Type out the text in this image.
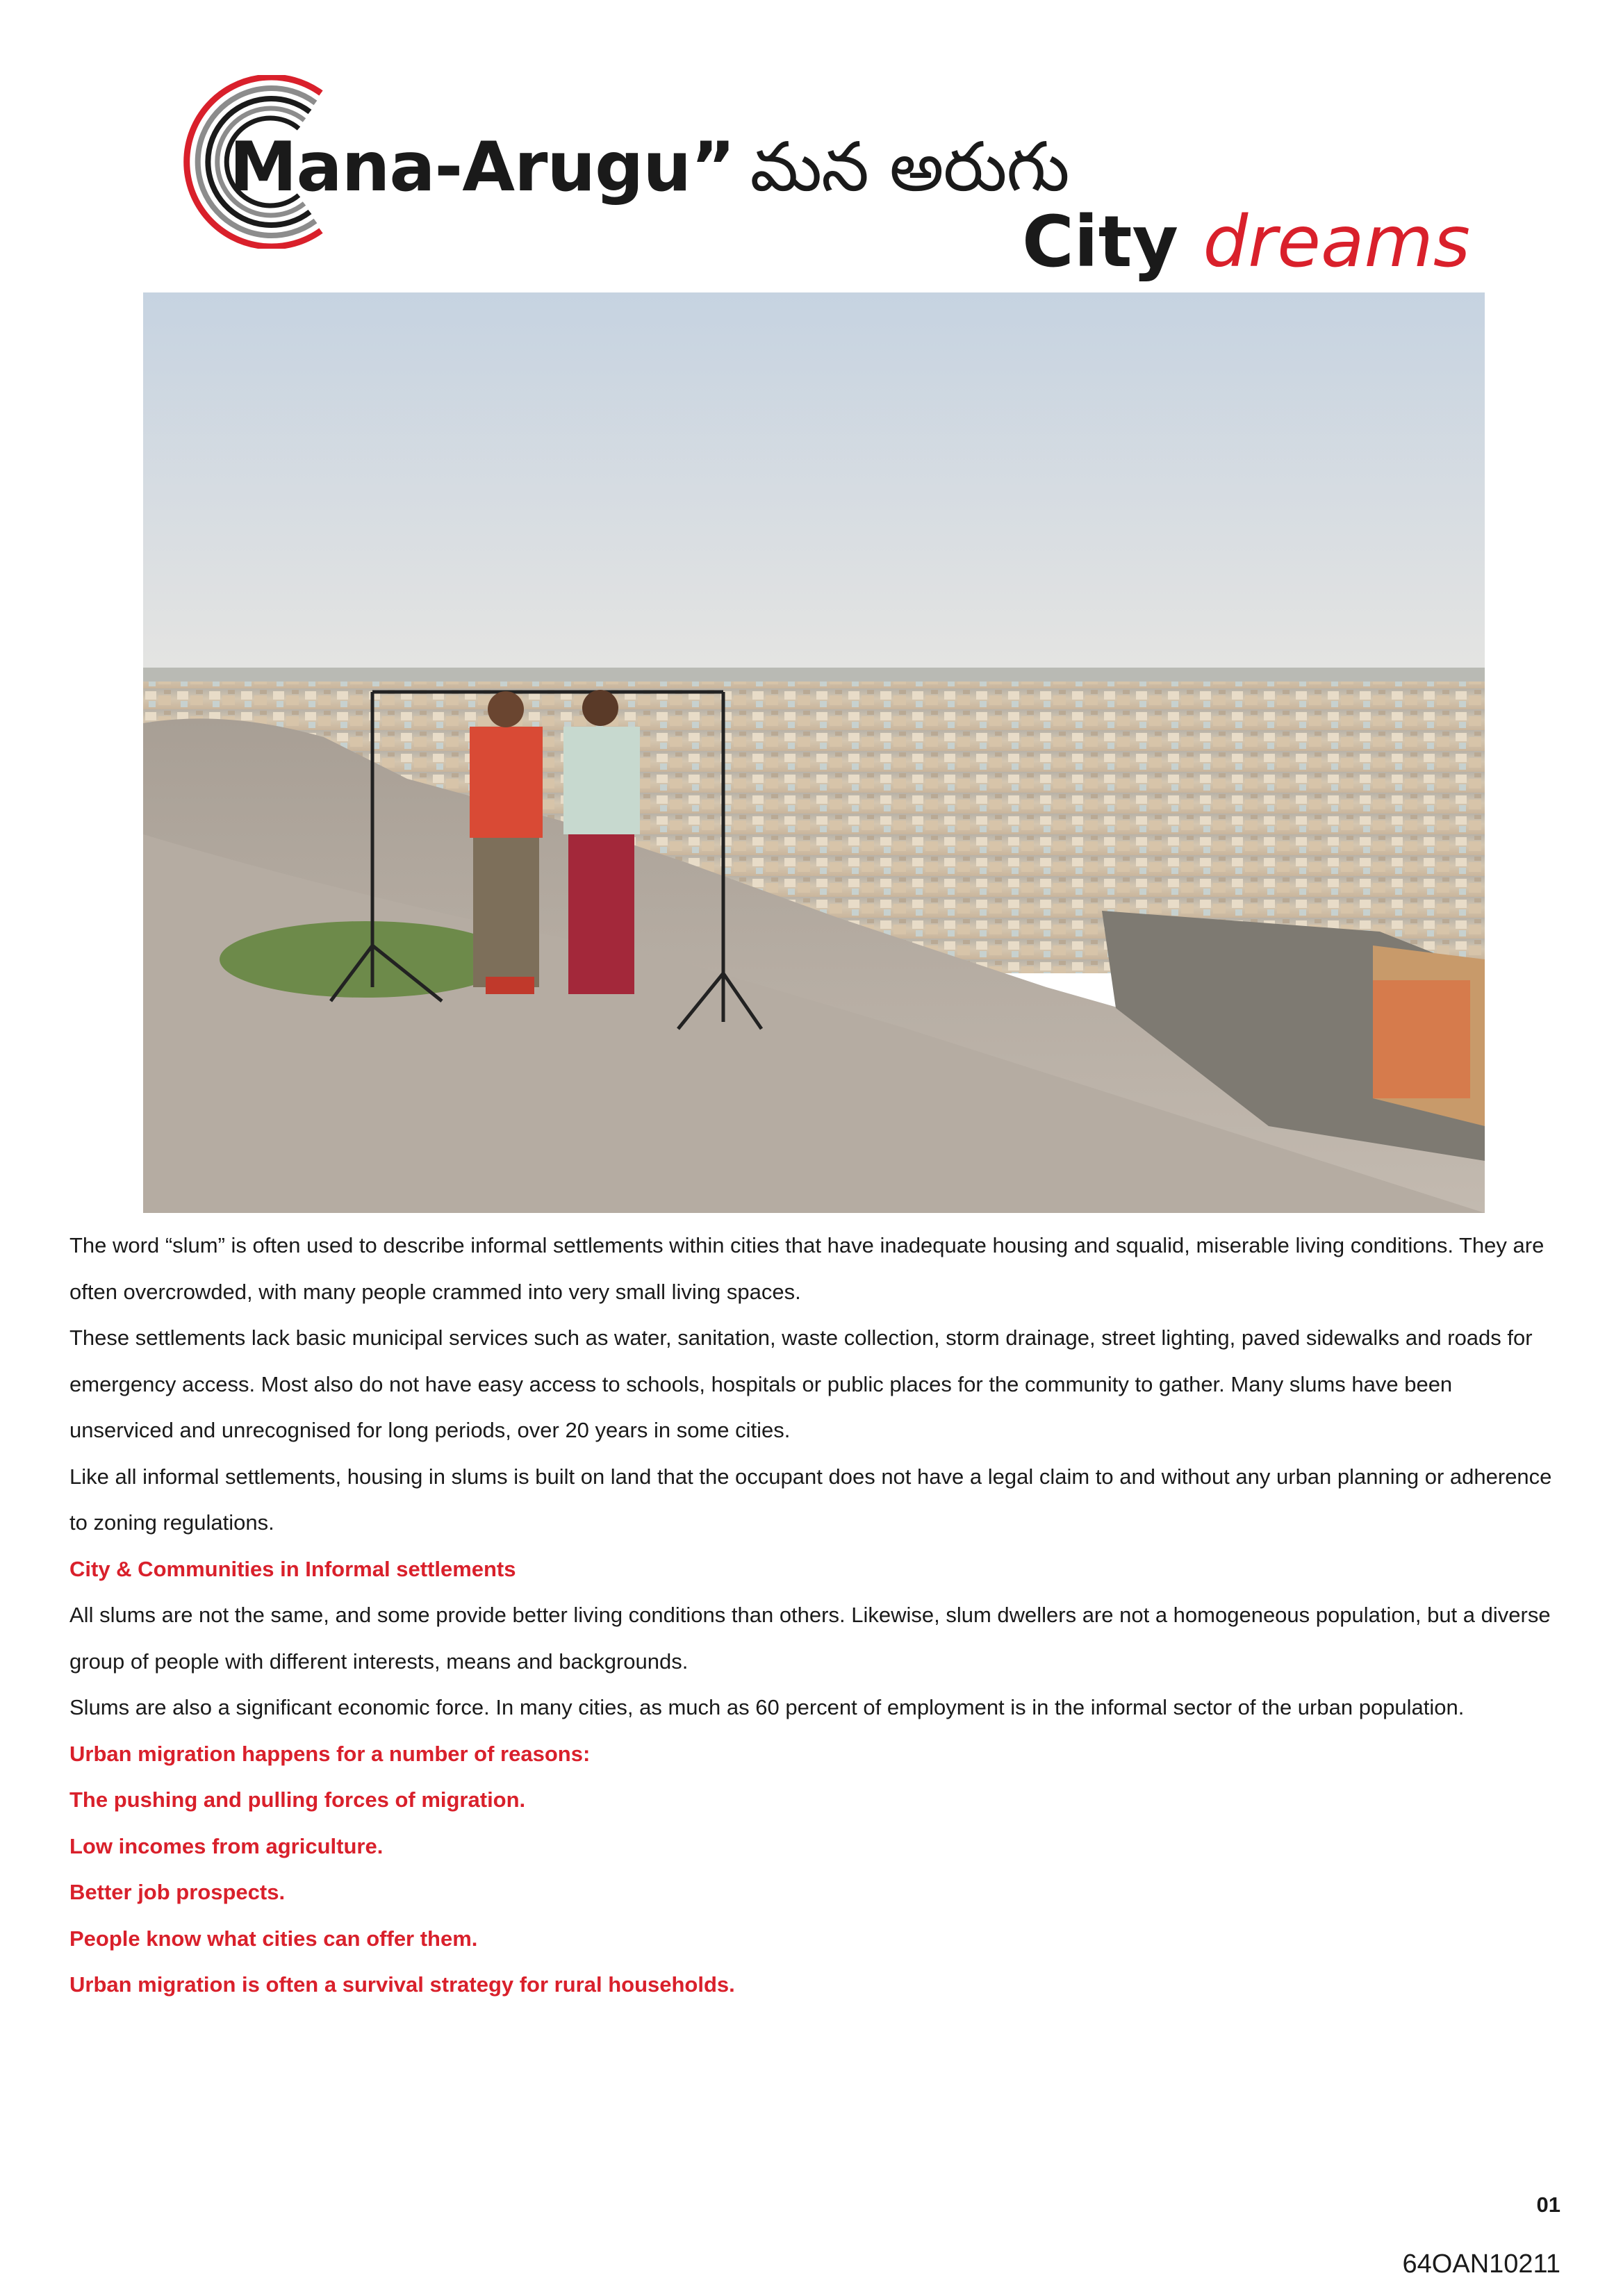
Mana-Arugu” మన అరుగు
City dreams

The word “slum” is often used to describe informal settlements within cities that have inadequate housing and squalid, miserable living conditions. They are often overcrowded, with many people crammed into very small living spaces.

These settlements lack basic municipal services such as water, sanitation, waste collection, storm drainage, street lighting, paved sidewalks and roads for emergency access. Most also do not have easy access to schools, hospitals or public places for the community to gather. Many slums have been unserviced and unrecognised for long periods, over 20 years in some cities.

Like all informal settlements, housing in slums is built on land that the occupant does not have a legal claim to and without any urban planning or adherence to zoning regulations.

City & Communities in Informal settlements

All slums are not the same, and some provide better living conditions than others. Likewise, slum dwellers are not a homogeneous population, but a diverse group of people with different interests, means and backgrounds.

Slums are also a significant economic force. In many cities, as much as 60 percent of employment is in the informal sector of the urban population.

Urban migration happens for a number of reasons:

The pushing and pulling forces of migration.

Low incomes from agriculture.

Better job prospects.

People know what cities can offer them.

Urban migration is often a survival strategy for rural households.

01
64OAN10211
